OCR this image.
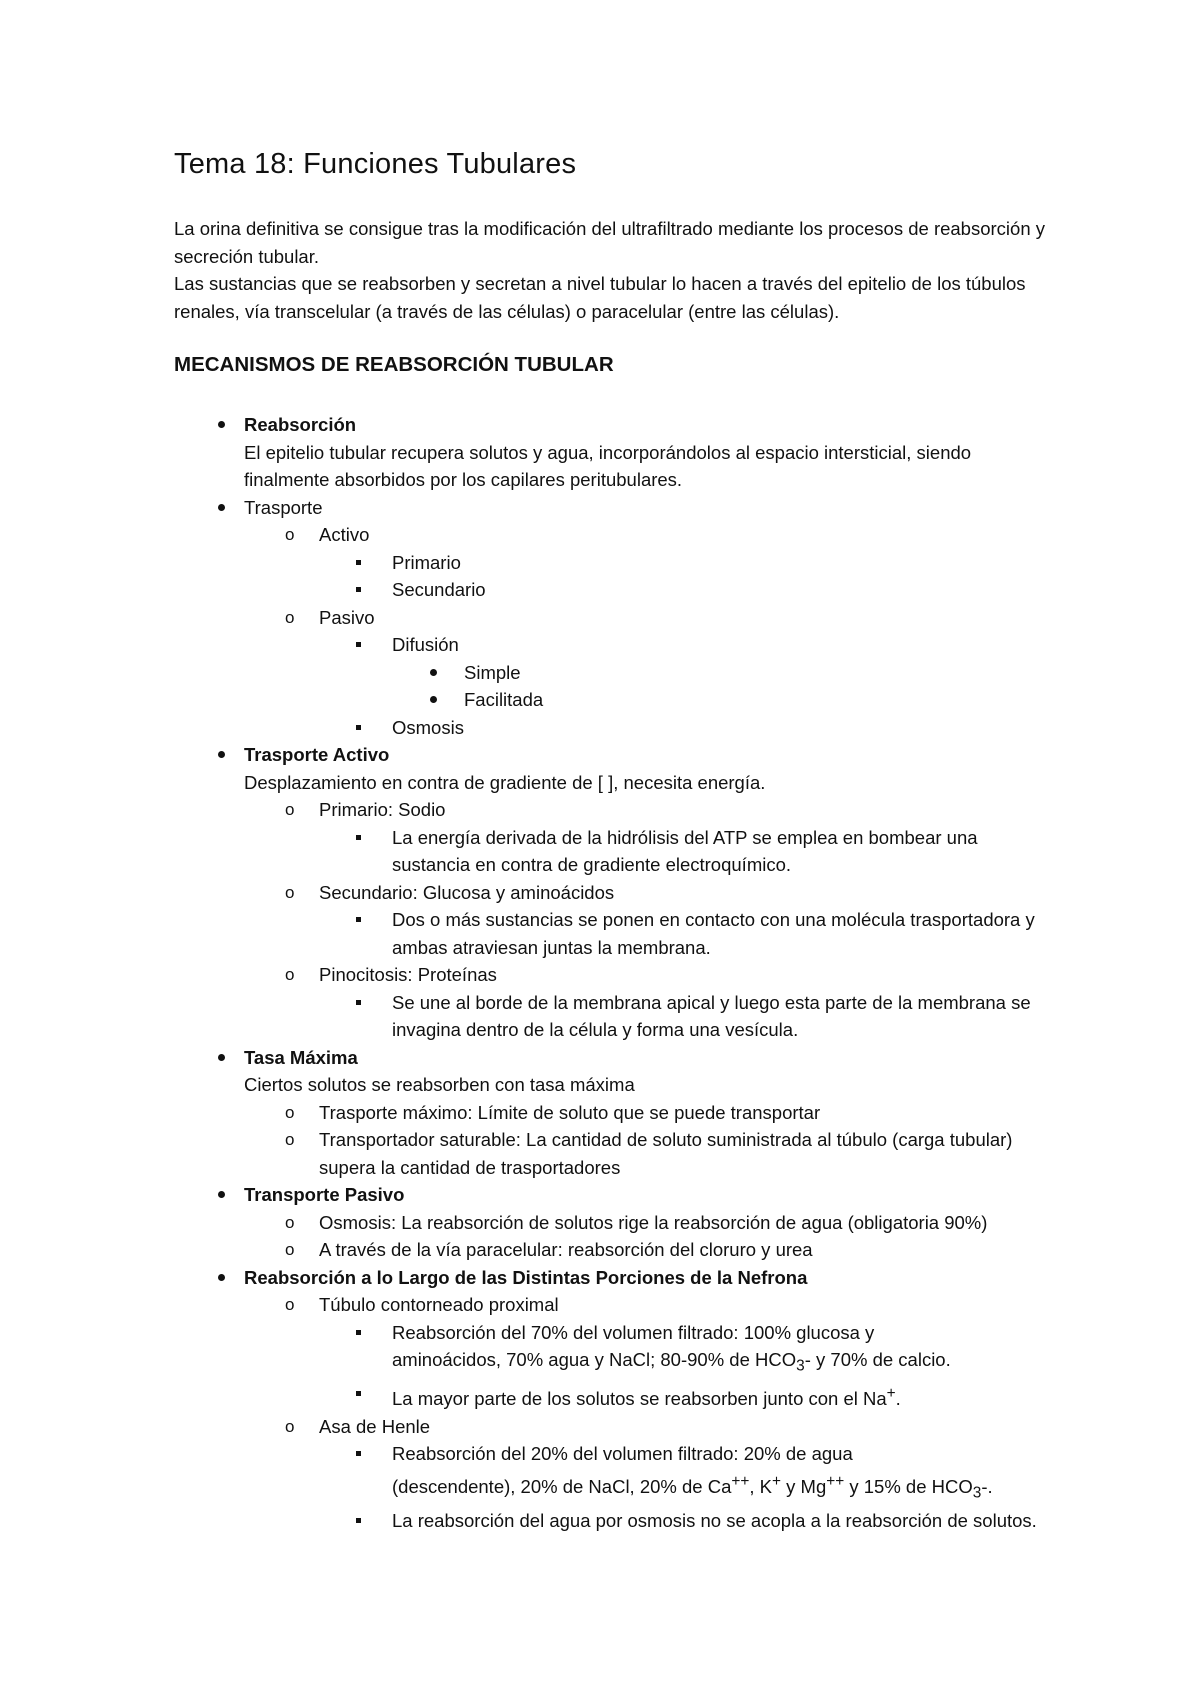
Tema 18: Funciones Tubulares

La orina definitiva se consigue tras la modificación del ultrafiltrado mediante los procesos de reabsorción y secreción tubular.

Las sustancias que se reabsorben y secretan a nivel tubular lo hacen a través del epitelio de los túbulos renales, vía transcelular (a través de las células) o paracelular (entre las células).

MECANISMOS DE REABSORCIÓN TUBULAR
Reabsorción
El epitelio tubular recupera solutos y agua, incorporándolos al espacio intersticial, siendo finalmente absorbidos por los capilares peritubulares.
Trasporte
o Activo
Primario
Secundario
o Pasivo
Difusión
Simple
Facilitada
Osmosis
Trasporte Activo
Desplazamiento en contra de gradiente de [ ], necesita energía.
o Primario: Sodio
La energía derivada de la hidrólisis del ATP se emplea en bombear una sustancia en contra de gradiente electroquímico.
o Secundario: Glucosa y aminoácidos
Dos o más sustancias se ponen en contacto con una molécula trasportadora y ambas atraviesan juntas la membrana.
o Pinocitosis: Proteínas
Se une al borde de la membrana apical y luego esta parte de la membrana se invagina dentro de la célula y forma una vesícula.
Tasa Máxima
Ciertos solutos se reabsorben con tasa máxima
o Trasporte máximo: Límite de soluto que se puede transportar
o Transportador saturable: La cantidad de soluto suministrada al túbulo (carga tubular) supera la cantidad de trasportadores
Transporte Pasivo
o Osmosis: La reabsorción de solutos rige la reabsorción de agua (obligatoria 90%)
o A través de la vía paracelular: reabsorción del cloruro y urea
Reabsorción a lo Largo de las Distintas Porciones de la Nefrona
o Túbulo contorneado proximal
Reabsorción del 70% del volumen filtrado: 100% glucosa y
aminoácidos, 70% agua y NaCl; 80-90% de $HCO_3-$ y 70% de calcio.
La mayor parte de los solutos se reabsorben junto con el Na+.
o Asa de Henle
Reabsorción del 20% del volumen filtrado: 20% de agua
(descendente), 20% de NaCl, 20% de Ca++, K+ y Mg++ y 15% de $HCO_3-$.
La reabsorción del agua por osmosis no se acopla a la reabsorción de solutos.
